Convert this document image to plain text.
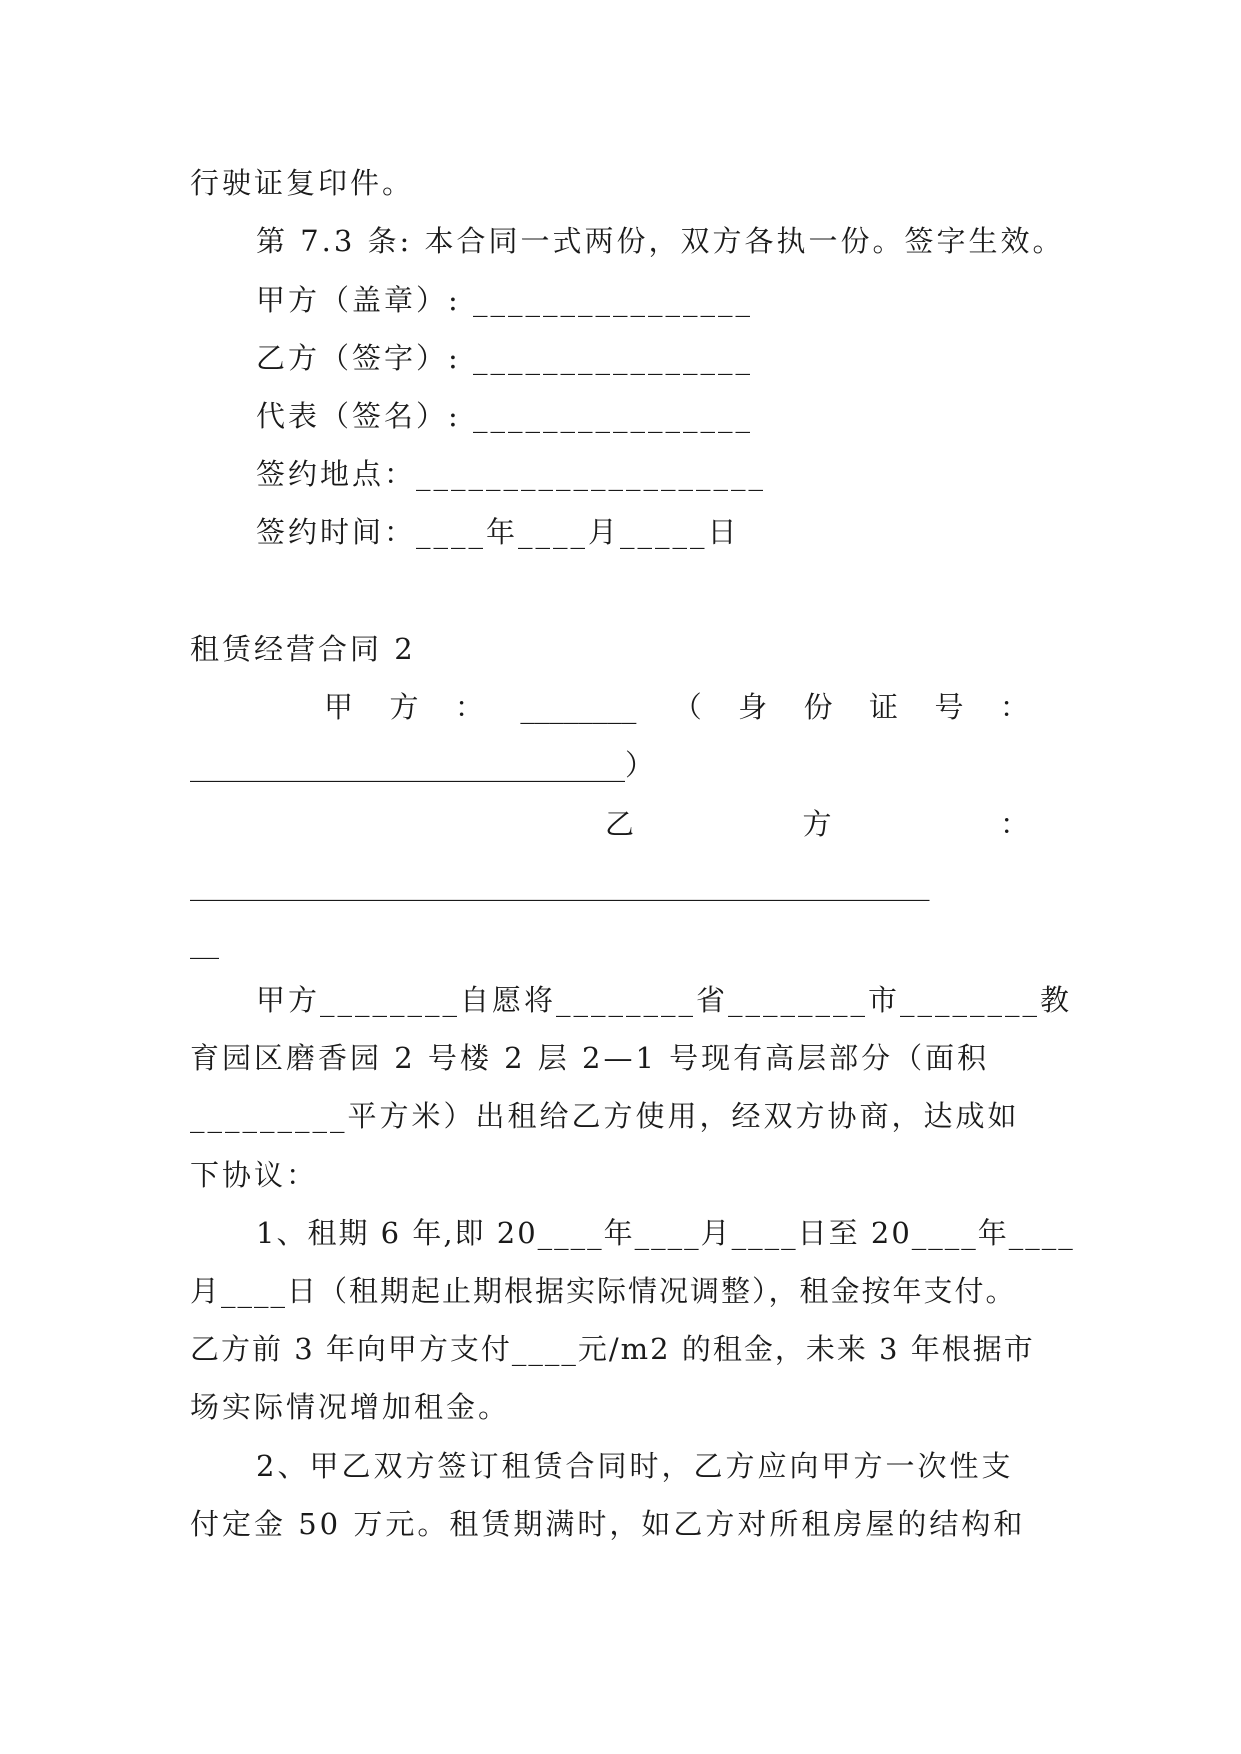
行驶证复印件。

第 7.3 条: 本合同一式两份，双方各执一份。签字生效。

甲方（盖章）: ________________

乙方（签字）: ________________

代表（签名）: ________________

签约地点：____________________

签约时间：____年____月_____日

租赁经营合同 2

甲 方 ： ________ （ 身 份 证 号 ：

______________________________）

乙	方	：

___________________________________________________

__

甲方________自愿将________省________市________教

育园区磨香园 2 号楼 2 层 2—1 号现有高层部分（面积

_________平方米）出租给乙方使用，经双方协商，达成如

下协议：

1、租期 6 年,即 20____年____月____日至 20____年____

月____日（租期起止期根据实际情况调整），租金按年支付。

乙方前 3 年向甲方支付____元/m2 的租金，未来 3 年根据市

场实际情况增加租金。

2、甲乙双方签订租赁合同时，乙方应向甲方一次性支

付定金 50 万元。租赁期满时，如乙方对所租房屋的结构和
